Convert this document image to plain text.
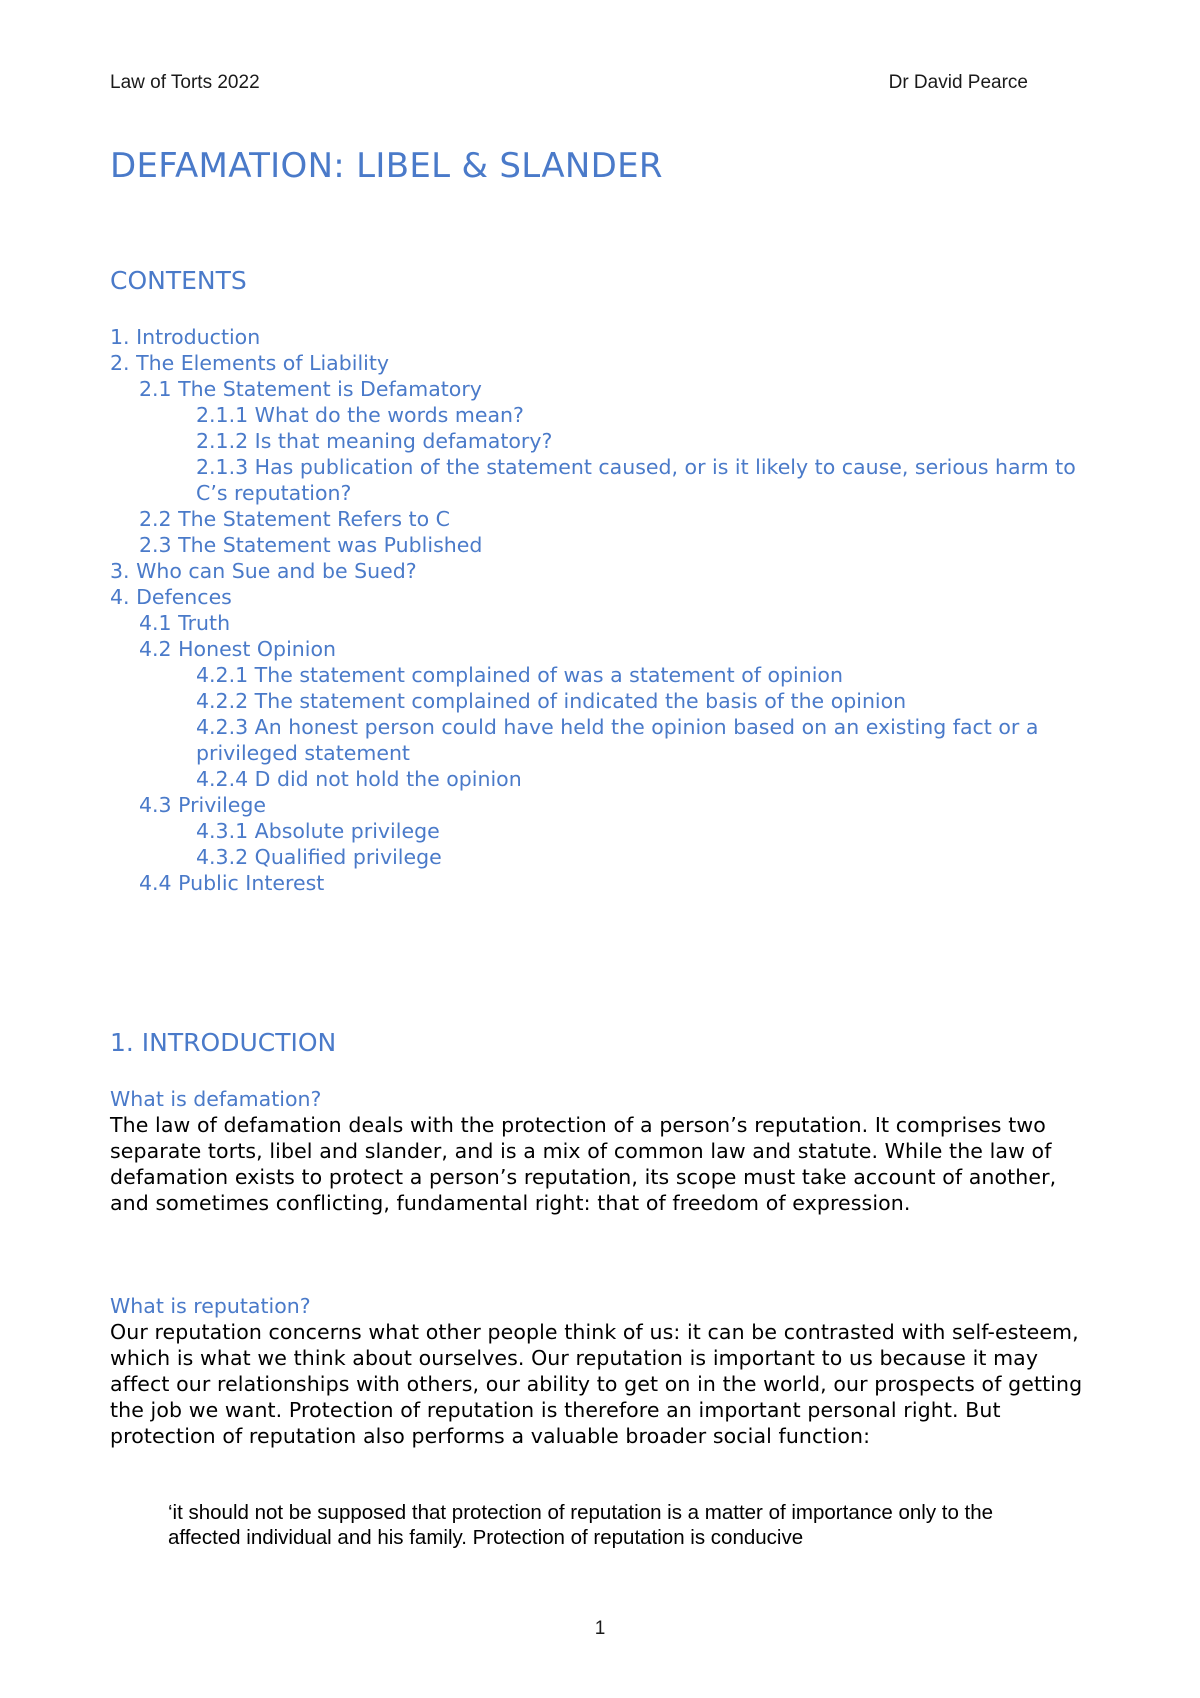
Law of Torts 2022	Dr David Pearce
DEFAMATION: LIBEL & SLANDER
CONTENTS
1. Introduction
2. The Elements of Liability
2.1 The Statement is Defamatory
2.1.1 What do the words mean?
2.1.2 Is that meaning defamatory?
2.1.3 Has publication of the statement caused, or is it likely to cause, serious harm to C’s reputation?
2.2 The Statement Refers to C
2.3 The Statement was Published
3. Who can Sue and be Sued?
4. Defences
4.1 Truth
4.2 Honest Opinion
4.2.1 The statement complained of was a statement of opinion
4.2.2 The statement complained of indicated the basis of the opinion
4.2.3 An honest person could have held the opinion based on an existing fact or a privileged statement
4.2.4 D did not hold the opinion
4.3 Privilege
4.3.1 Absolute privilege
4.3.2 Qualified privilege
4.4 Public Interest
1. INTRODUCTION
What is defamation?

The law of defamation deals with the protection of a person’s reputation. It comprises two separate torts, libel and slander, and is a mix of common law and statute. While the law of defamation exists to protect a person’s reputation, its scope must take account of another, and sometimes conflicting, fundamental right: that of freedom of expression.

What is reputation?

Our reputation concerns what other people think of us: it can be contrasted with self-esteem, which is what we think about ourselves. Our reputation is important to us because it may affect our relationships with others, our ability to get on in the world, our prospects of getting the job we want. Protection of reputation is therefore an important personal right. But protection of reputation also performs a valuable broader social function:

‘it should not be supposed that protection of reputation is a matter of importance only to the affected individual and his family. Protection of reputation is conducive

1
